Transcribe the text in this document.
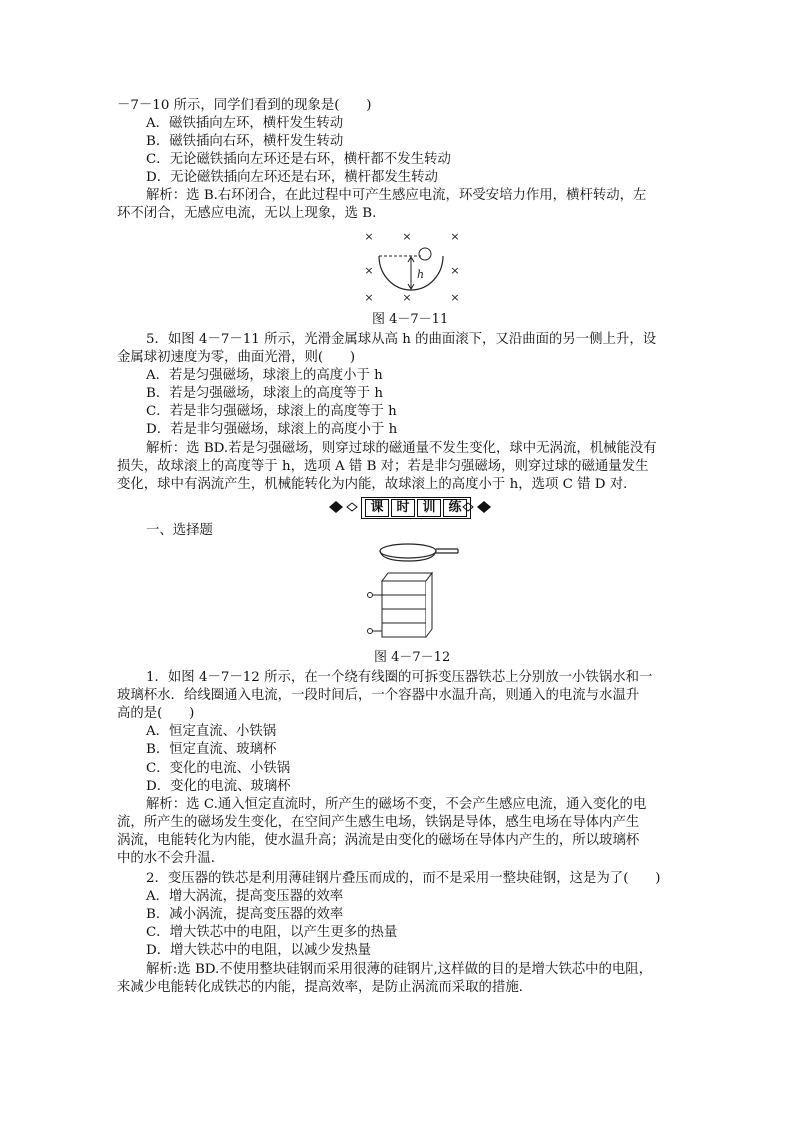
－7－10 所示，同学们看到的现象是(　　)
A．磁铁插向左环，横杆发生转动
B．磁铁插向右环，横杆发生转动
C．无论磁铁插向左环还是右环，横杆都不发生转动
D．无论磁铁插向左环还是右环，横杆都发生转动
解析：选 B.右环闭合，在此过程中可产生感应电流，环受安培力作用，横杆转动，左
环不闭合，无感应电流，无以上现象，选 B.
×	×	×
×	×
×	×	×
h
图 4－7－11
5．如图 4－7－11 所示，光滑金属球从高 h 的曲面滚下，又沿曲面的另一侧上升，设
金属球初速度为零，曲面光滑，则(　　)
A．若是匀强磁场，球滚上的高度小于 h
B．若是匀强磁场，球滚上的高度等于 h
C．若是非匀强磁场，球滚上的高度等于 h
D．若是非匀强磁场，球滚上的高度小于 h
解析：选 BD.若是匀强磁场，则穿过球的磁通量不发生变化，球中无涡流，机械能没有
损失，故球滚上的高度等于 h，选项 A 错 B 对；若是非匀强磁场，则穿过球的磁通量发生
变化，球中有涡流产生，机械能转化为内能，故球滚上的高度小于 h，选项 C 错 D 对．
课 时 训 练
一、选择题
图 4－7－12
1．如图 4－7－12 所示，在一个绕有线圈的可拆变压器铁芯上分别放一小铁锅水和一
玻璃杯水．给线圈通入电流，一段时间后，一个容器中水温升高，则通入的电流与水温升
高的是(　　)
A．恒定直流、小铁锅
B．恒定直流、玻璃杯
C．变化的电流、小铁锅
D．变化的电流、玻璃杯
解析：选 C.通入恒定直流时，所产生的磁场不变，不会产生感应电流，通入变化的电
流，所产生的磁场发生变化，在空间产生感生电场，铁锅是导体，感生电场在导体内产生
涡流，电能转化为内能，使水温升高；涡流是由变化的磁场在导体内产生的，所以玻璃杯
中的水不会升温．
2．变压器的铁芯是利用薄硅钢片叠压而成的，而不是采用一整块硅钢，这是为了(　　)
A．增大涡流，提高变压器的效率
B．减小涡流，提高变压器的效率
C．增大铁芯中的电阻，以产生更多的热量
D．增大铁芯中的电阻，以减少发热量
解析:选 BD.不使用整块硅钢而采用很薄的硅钢片,这样做的目的是增大铁芯中的电阻，
来减少电能转化成铁芯的内能，提高效率，是防止涡流而采取的措施．
